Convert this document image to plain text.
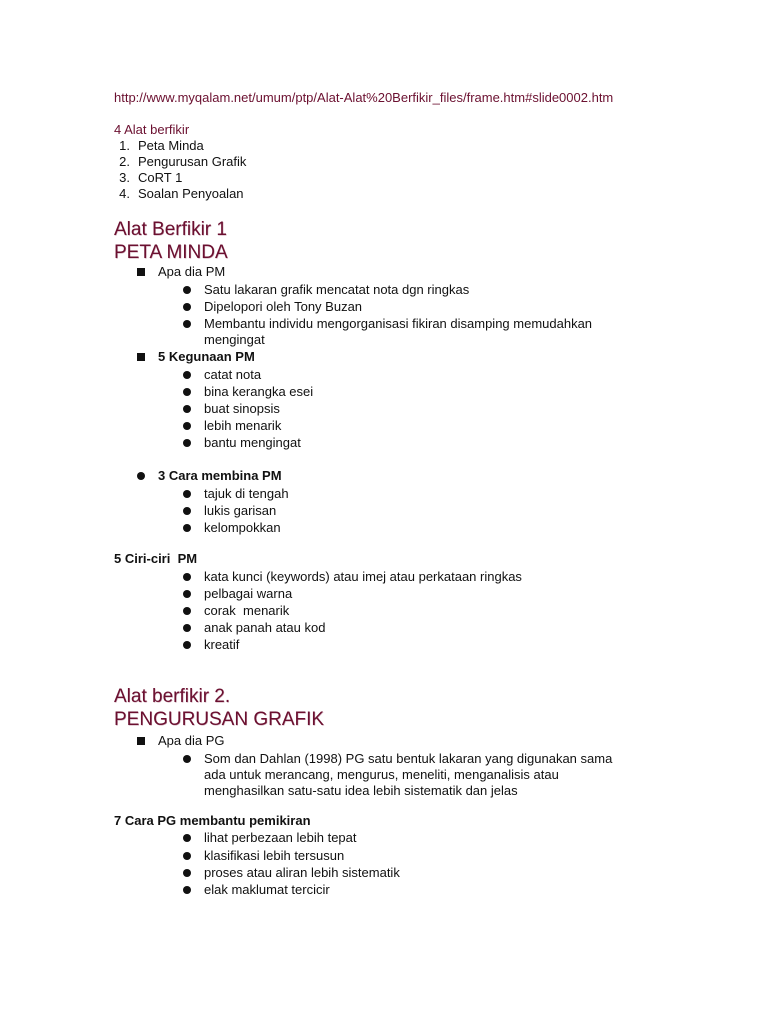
http://www.myqalam.net/umum/ptp/Alat-Alat%20Berfikir_files/frame.htm#slide0002.htm
4 Alat berfikir
1. Peta Minda
2. Pengurusan Grafik
3. CoRT 1
4. Soalan Penyoalan
Alat Berfikir 1
PETA MINDA
Apa dia PM
Satu lakaran grafik mencatat nota dgn ringkas
Dipelopori oleh Tony Buzan
Membantu individu mengorganisasi fikiran disamping memudahkan
mengingat
5 Kegunaan PM
catat nota
bina kerangka esei
buat sinopsis
lebih menarik
bantu mengingat
3 Cara membina PM
tajuk di tengah
lukis garisan
kelompokkan
5 Ciri-ciri  PM
kata kunci (keywords) atau imej atau perkataan ringkas
pelbagai warna
corak  menarik
anak panah atau kod
kreatif
Alat berfikir 2.
PENGURUSAN GRAFIK
Apa dia PG
Som dan Dahlan (1998) PG satu bentuk lakaran yang digunakan sama
ada untuk merancang, mengurus, meneliti, menganalisis atau
menghasilkan satu-satu idea lebih sistematik dan jelas
7 Cara PG membantu pemikiran
lihat perbezaan lebih tepat
klasifikasi lebih tersusun
proses atau aliran lebih sistematik
elak maklumat tercicir
